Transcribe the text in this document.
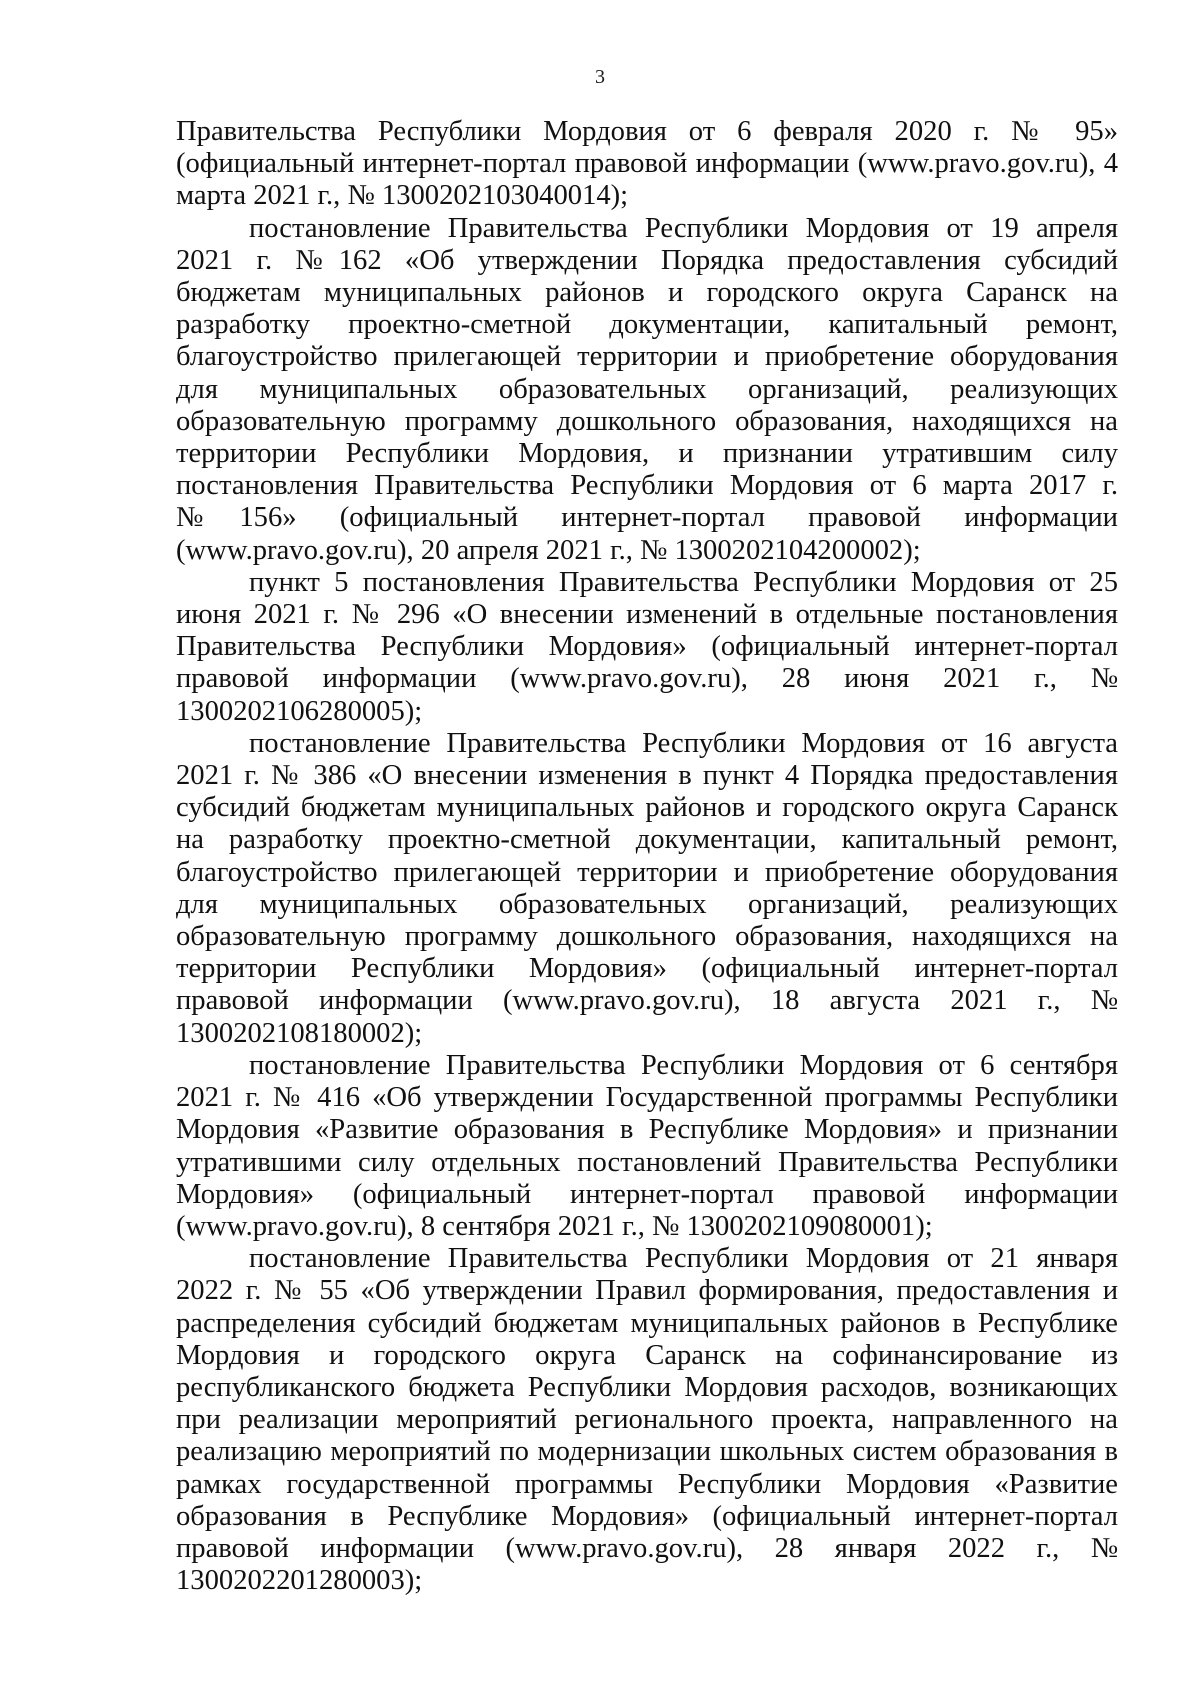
3

Правительства Республики Мордовия от 6 февраля 2020 г. № 95» (официальный интернет-портал правовой информации (www.pravo.gov.ru), 4 марта 2021 г., № 1300202103040014);

постановление Правительства Республики Мордовия от 19 апреля 2021 г. №162 «Об утверждении Порядка предоставления субсидий бюджетам муниципальных районов и городского округа Саранск на разработку проектно-сметной документации, капитальный ремонт, благоустройство прилегающей территории и приобретение оборудования для муниципальных образовательных организаций, реализующих образовательную программу дошкольного образования, находящихся на территории Республики Мордовия, и признании утратившим силу постановления Правительства Республики Мордовия от 6 марта 2017 г. №156» (официальный интернет-портал правовой информации (www.pravo.gov.ru), 20 апреля 2021 г., № 1300202104200002);

пункт 5 постановления Правительства Республики Мордовия от 25 июня 2021 г. № 296 «О внесении изменений в отдельные постановления Правительства Республики Мордовия» (официальный интернет-портал правовой информации (www.pravo.gov.ru), 28 июня 2021 г., № 1300202106280005);

постановление Правительства Республики Мордовия от 16 августа 2021 г. № 386 «О внесении изменения в пункт 4 Порядка предоставления субсидий бюджетам муниципальных районов и городского округа Саранск на разработку проектно-сметной документации, капитальный ремонт, благоустройство прилегающей территории и приобретение оборудования для муниципальных образовательных организаций, реализующих образовательную программу дошкольного образования, находящихся на территории Республики Мордовия» (официальный интернет-портал правовой информации (www.pravo.gov.ru), 18 августа 2021 г., № 1300202108180002);

постановление Правительства Республики Мордовия от 6 сентября 2021 г. № 416 «Об утверждении Государственной программы Республики Мордовия «Развитие образования в Республике Мордовия» и признании утратившими силу отдельных постановлений Правительства Республики Мордовия» (официальный интернет-портал правовой информации (www.pravo.gov.ru), 8 сентября 2021 г., № 1300202109080001);

постановление Правительства Республики Мордовия от 21 января 2022 г. № 55 «Об утверждении Правил формирования, предоставления и распределения субсидий бюджетам муниципальных районов в Республике Мордовия и городского округа Саранск на софинансирование из республиканского бюджета Республики Мордовия расходов, возникающих при реализации мероприятий регионального проекта, направленного на реализацию мероприятий по модернизации школьных систем образования в рамках государственной программы Республики Мордовия «Развитие образования в Республике Мордовия» (официальный интернет-портал правовой информации (www.pravo.gov.ru), 28 января 2022 г., № 1300202201280003);
